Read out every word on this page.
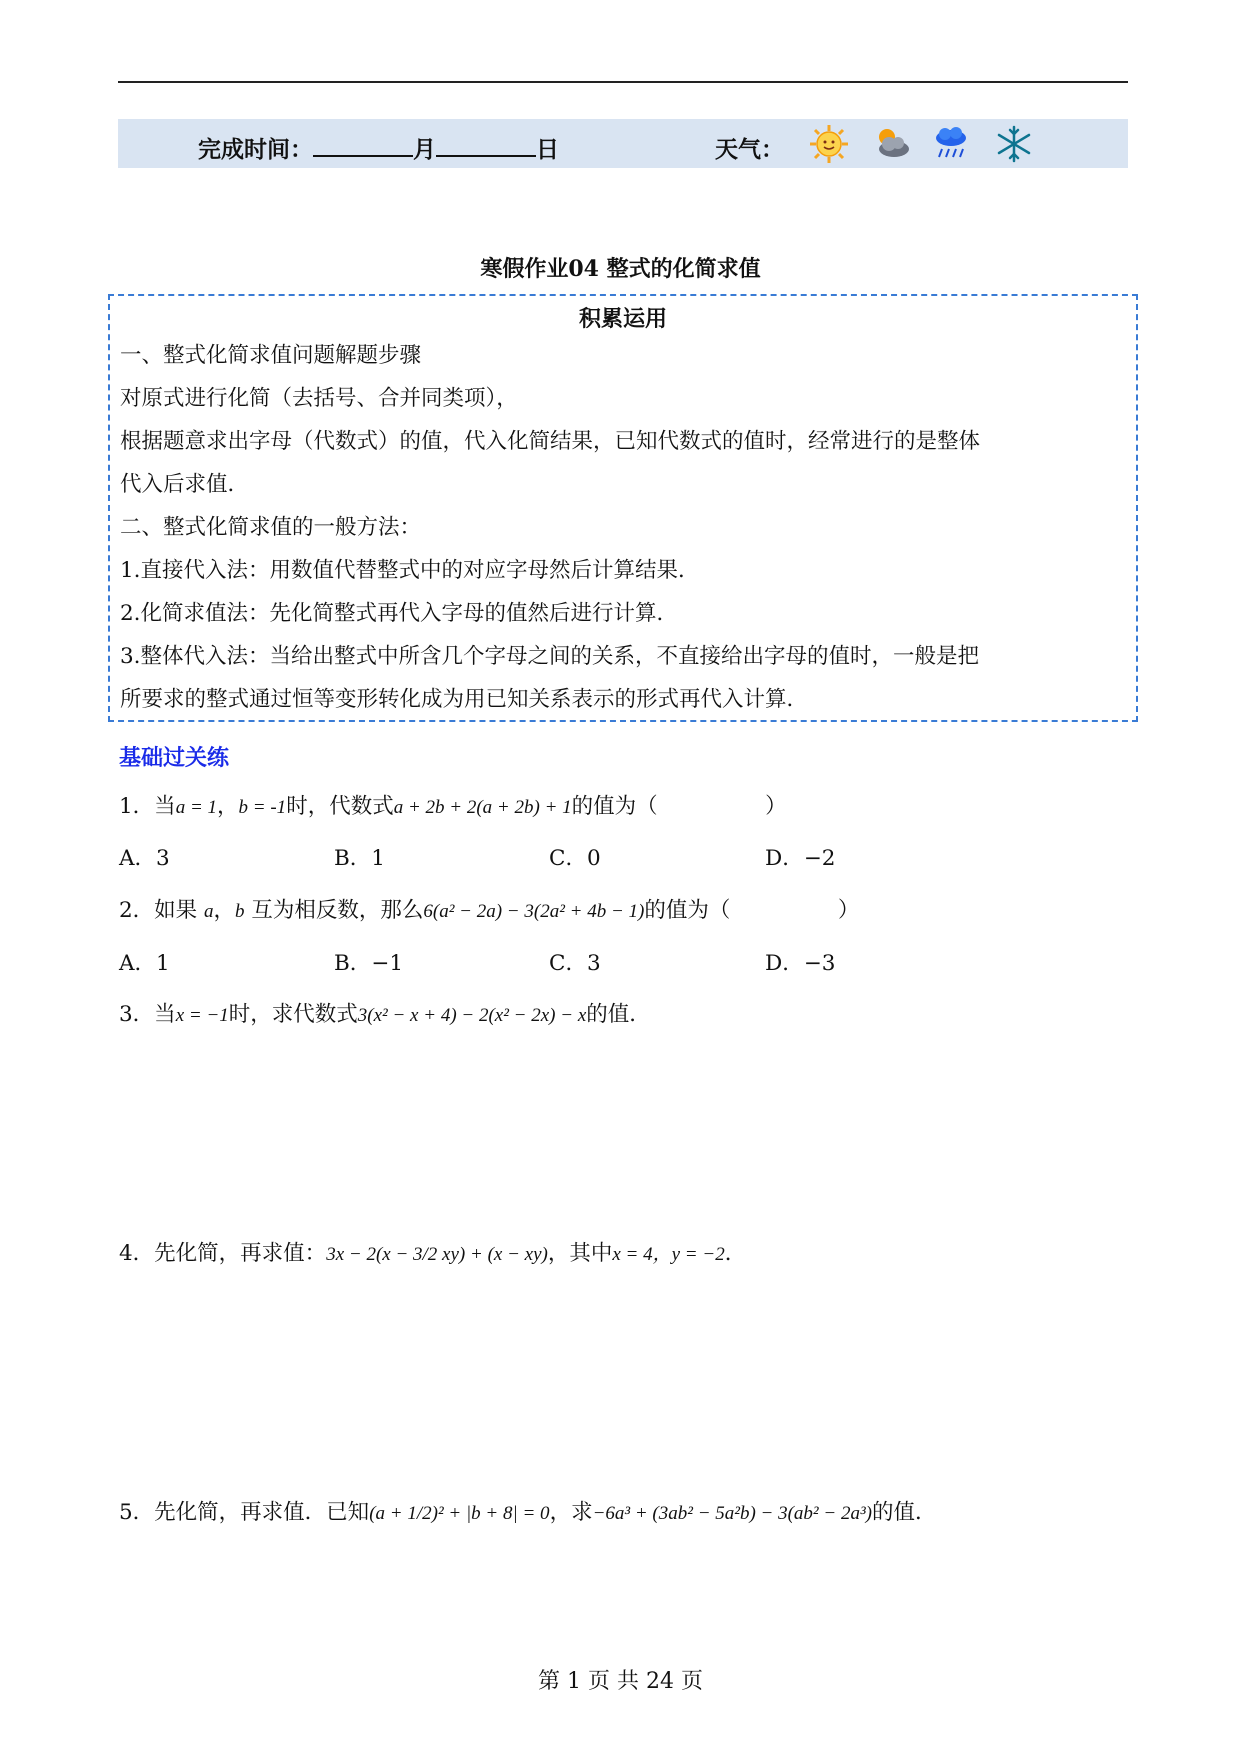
完成时间：	月	日	天气：
寒假作业04 整式的化简求值
积累运用
一、整式化简求值问题解题步骤
对原式进行化简（去括号、合并同类项），
根据题意求出字母（代数式）的值，代入化简结果，已知代数式的值时，经常进行的是整体
代入后求值．
二、整式化简求值的一般方法：
1.直接代入法：用数值代替整式中的对应字母然后计算结果．
2.化简求值法：先化简整式再代入字母的值然后进行计算．
3.整体代入法：当给出整式中所含几个字母之间的关系，不直接给出字母的值时，一般是把
所要求的整式通过恒等变形转化成为用已知关系表示的形式再代入计算．
基础过关练
1．当a = 1，b = -1时，代数式a + 2b + 2(a + 2b) + 1的值为（　　　　　）
A．3	B．1	C．0	D．−2
2．如果 a，b 互为相反数，那么6(a² − 2a) − 3(2a² + 4b − 1)的值为（　　　　　）
A．1	B．−1	C．3	D．−3
3．当x = −1时，求代数式3(x² − x + 4) − 2(x² − 2x) − x的值．
4．先化简，再求值：3x − 2(x − 3/2 xy) + (x − xy)，其中x = 4，y = −2．
5．先化简，再求值．已知(a + 1/2)² + |b + 8| = 0，求−6a³ + (3ab² − 5a²b) − 3(ab² − 2a³)的值．
第 1 页 共 24 页
